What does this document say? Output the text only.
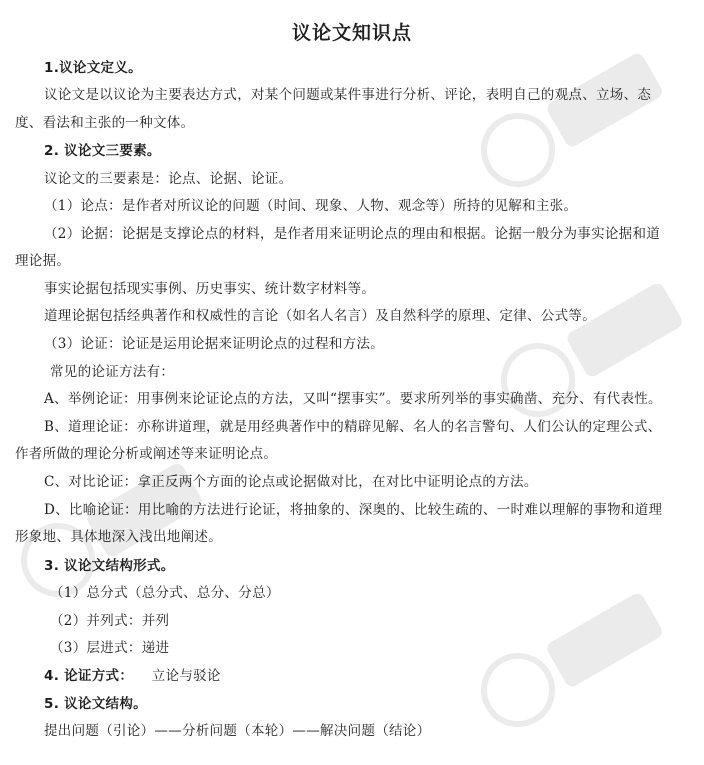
议论文知识点
1.议论文定义。
议论文是以议论为主要表达方式，对某个问题或某件事进行分析、评论，表明自己的观点、立场、态
度、看法和主张的一种文体。
2. 议论文三要素。
议论文的三要素是：论点、论据、论证。
（1）论点：是作者对所议论的问题（时间、现象、人物、观念等）所持的见解和主张。
（2）论据：论据是支撑论点的材料，是作者用来证明论点的理由和根据。论据一般分为事实论据和道
理论据。
事实论据包括现实事例、历史事实、统计数字材料等。
道理论据包括经典著作和权威性的言论（如名人名言）及自然科学的原理、定律、公式等。
（3）论证：论证是运用论据来证明论点的过程和方法。
常见的论证方法有：
A、举例论证：用事例来论证论点的方法，又叫“摆事实”。要求所列举的事实确凿、充分、有代表性。
B、道理论证：亦称讲道理，就是用经典著作中的精辟见解、名人的名言警句、人们公认的定理公式、
作者所做的理论分析或阐述等来证明论点。
C、对比论证：拿正反两个方面的论点或论据做对比，在对比中证明论点的方法。
D、比喻论证：用比喻的方法进行论证，将抽象的、深奥的、比较生疏的、一时难以理解的事物和道理
形象地、具体地深入浅出地阐述。
3. 议论文结构形式。
（1）总分式（总分式、总分、分总）
（2）并列式：并列
（3）层进式：递进
4. 论证方式： 立论与驳论
5. 议论文结构。
提出问题（引论）——分析问题（本轮）——解决问题（结论）
